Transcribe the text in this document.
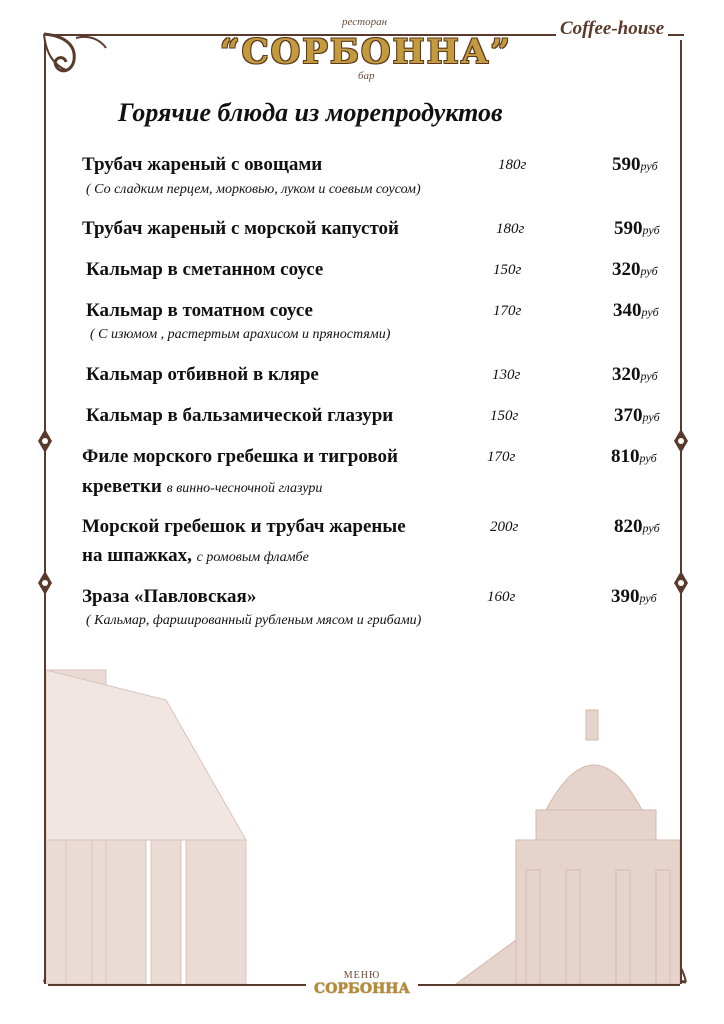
ресторан
“СОРБОННА”
бар
Coffee-house
Горячие блюда из морепродуктов
Трубач жареный с овощами	180г	590руб
( Со сладким перцем, морковью, луком и соевым соусом)
Трубач жареный с морской капустой	180г	590руб
Кальмар в сметанном соусе	150г	320руб
Кальмар в томатном соусе	170г	340руб
( С изюмом , растертым арахисом и пряностями)
Кальмар отбивной в кляре	130г	320руб
Кальмар в бальзамической глазури	150г	370руб
Филе морского гребешка и тигровой	170г	810руб
креветки в винно-чесночной глазури
Морской гребешок и трубач жареные	200г	820руб
на шпажках, с ромовым фламбе
Зраза «Павловская»	160г	390руб
( Кальмар, фаршированный рубленым мясом и грибами)
МЕНЮ
СОРБОННА
